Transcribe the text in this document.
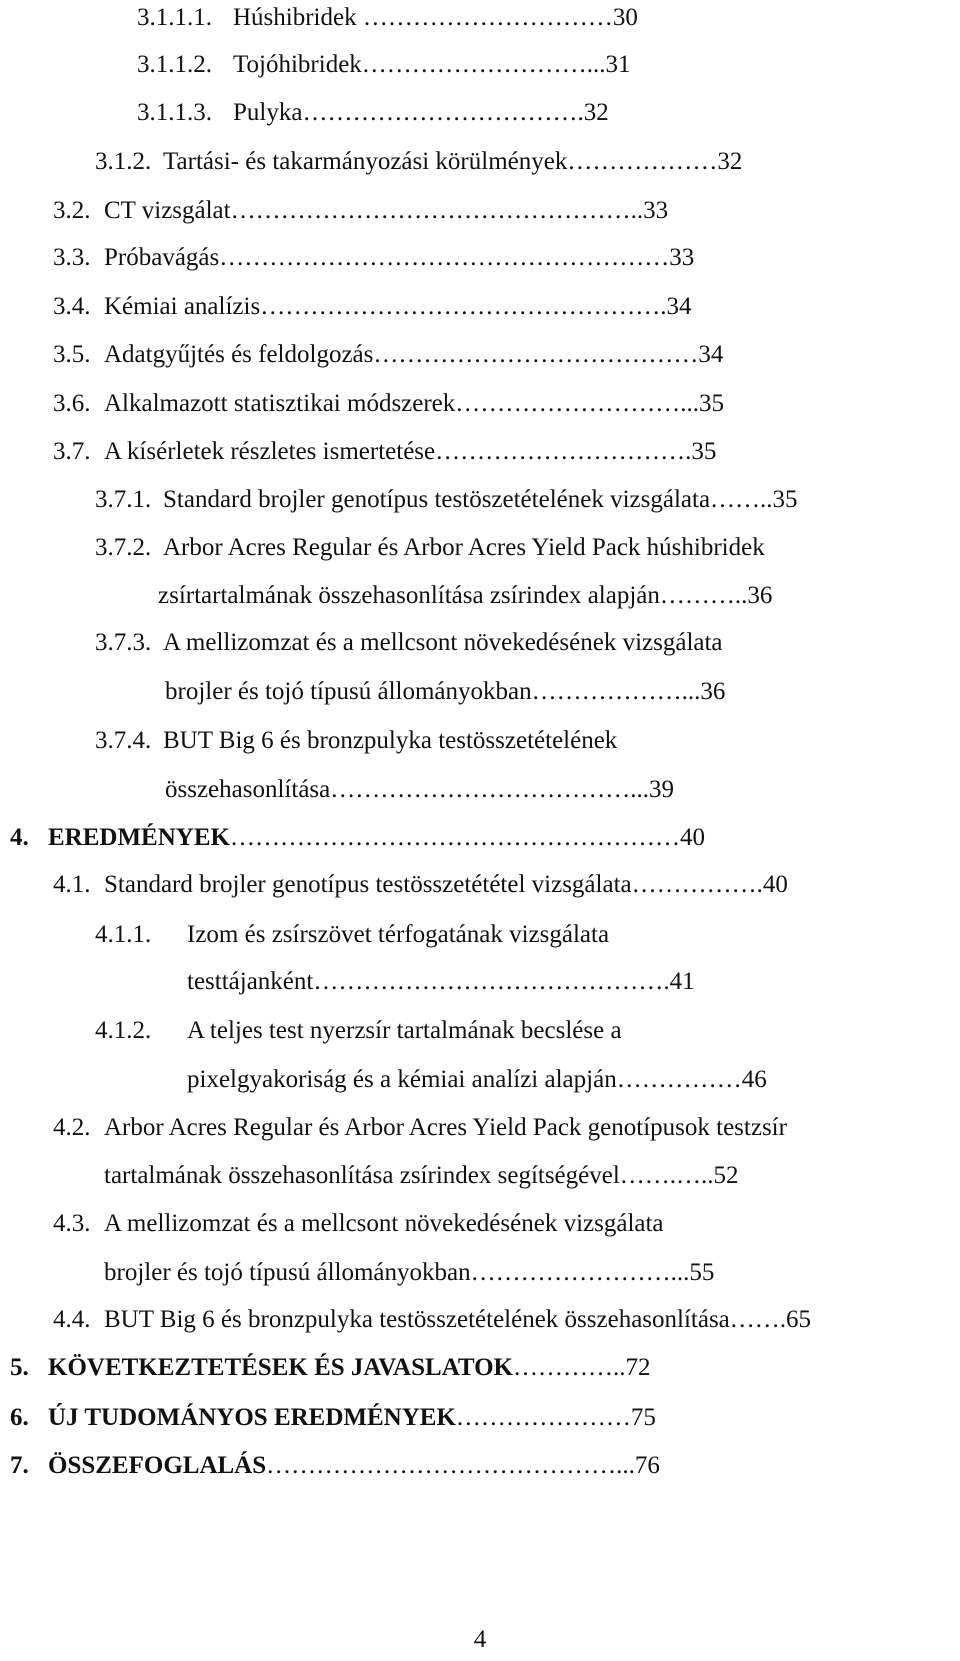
3.1.1.1. Húshibridek …………………………30
3.1.1.2. Tojóhibridek………………………...31
3.1.1.3. Pulyka…………………………….32
3.1.2. Tartási- és takarmányozási körülmények………………32
3.2. CT vizsgálat…………………………………………..33
3.3. Próbavágás………………………………………………33
3.4. Kémiai analízis………………………………………….34
3.5. Adatgyűjtés és feldolgozás…………………………………34
3.6. Alkalmazott statisztikai módszerek………………………...35
3.7. A kísérletek részletes ismertetése………………………….35
3.7.1. Standard brojler genotípus testöszetételének vizsgálata……..35
3.7.2. Arbor Acres Regular és Arbor Acres Yield Pack húshibridek
zsírtartalmának összehasonlítása zsírindex alapján………..36
3.7.3. A mellizomzat és a mellcsont növekedésének vizsgálata
brojler és tojó típusú állományokban………………...36
3.7.4. BUT Big 6 és bronzpulyka testösszetételének
összehasonlítása………………………………...39
4. EREDMÉNYEK………………………………………………40
4.1. Standard brojler genotípus testösszetététel vizsgálata…………….40
4.1.1. Izom és zsírszövet térfogatának vizsgálata
testtájanként…………………………………….41
4.1.2. A teljes test nyerzsír tartalmának becslése a
pixelgyakoriság és a kémiai analízi alapján……………46
4.2. Arbor Acres Regular és Arbor Acres Yield Pack genotípusok testzsír
tartalmának összehasonlítása zsírindex segítségével…….…..52
4.3. A mellizomzat és a mellcsont növekedésének vizsgálata
brojler és tojó típusú állományokban……………………...55
4.4. BUT Big 6 és bronzpulyka testösszetételének összehasonlítása…….65
5. KÖVETKEZTETÉSEK ÉS JAVASLATOK…………..72
6. ÚJ TUDOMÁNYOS EREDMÉNYEK…………………75
7. ÖSSZEFOGLALÁS……………………………………...76
4
